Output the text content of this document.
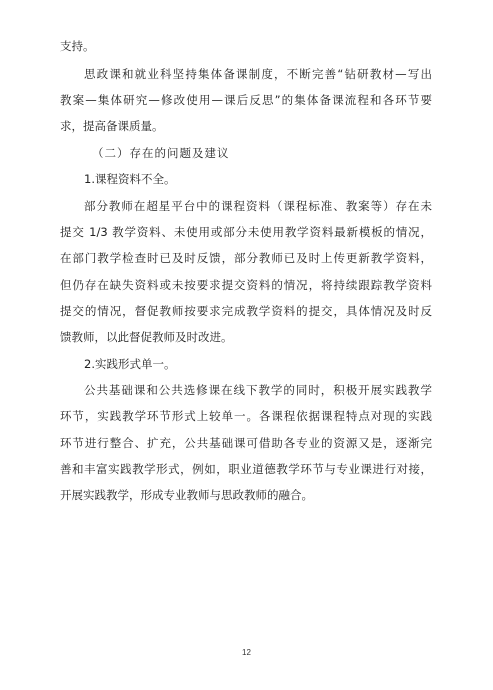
支持。
思政课和就业科坚持集体备课制度，不断完善“钻研教材—写出
教案—集体研究—修改使用—课后反思”的集体备课流程和各环节要
求，提高备课质量。
（二）存在的问题及建议
1.课程资料不全。
部分教师在超星平台中的课程资料（课程标准、教案等）存在未
提交 1/3 教学资料、未使用或部分未使用教学资料最新模板的情况，
在部门教学检查时已及时反馈，部分教师已及时上传更新教学资料，
但仍存在缺失资料或未按要求提交资料的情况，将持续跟踪教学资料
提交的情况，督促教师按要求完成教学资料的提交，具体情况及时反
馈教师，以此督促教师及时改进。
2.实践形式单一。
公共基础课和公共选修课在线下教学的同时，积极开展实践教学
环节，实践教学环节形式上较单一。各课程依据课程特点对现的实践
环节进行整合、扩充，公共基础课可借助各专业的资源又是，逐渐完
善和丰富实践教学形式，例如，职业道德教学环节与专业课进行对接，
开展实践教学，形成专业教师与思政教师的融合。
12
